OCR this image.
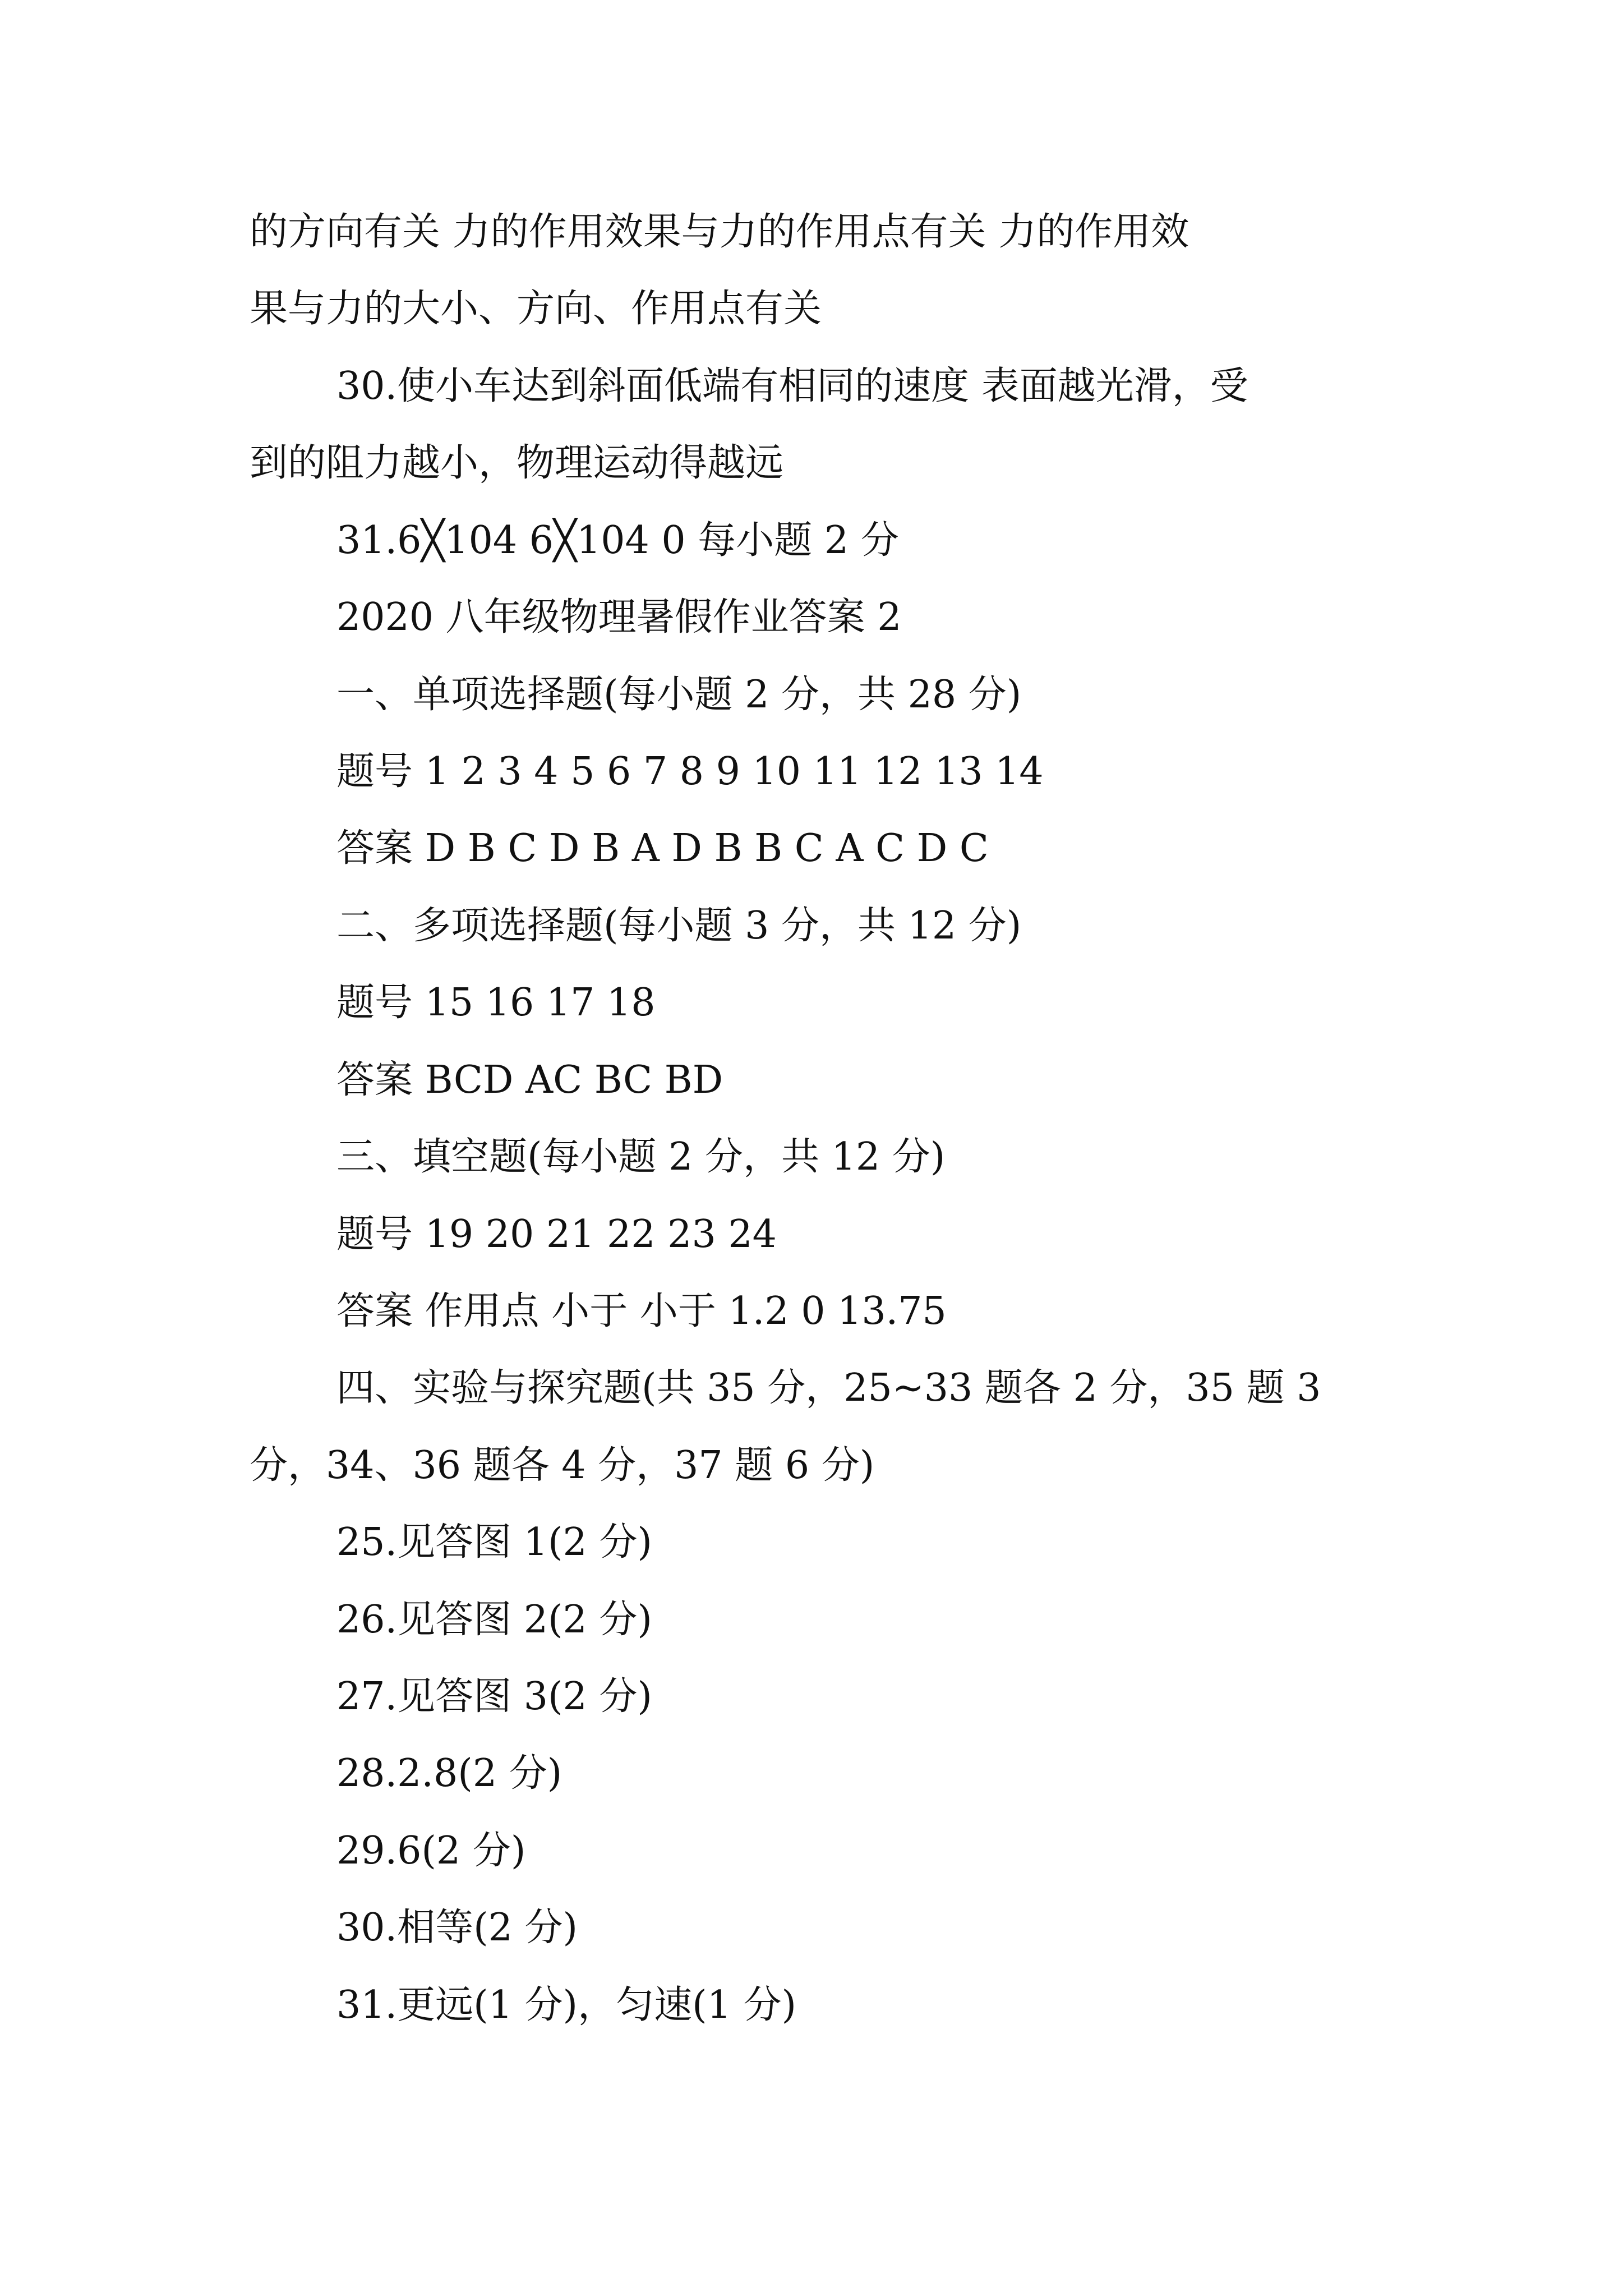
的方向有关 力的作用效果与力的作用点有关 力的作用效
果与力的大小、方向、作用点有关
30.使小车达到斜面低端有相同的速度 表面越光滑，受
到的阻力越小，物理运动得越远
31.6╳104 6╳104 0 每小题 2 分
2020 八年级物理暑假作业答案 2
一、单项选择题(每小题 2 分，共 28 分)
题号 1 2 3 4 5 6 7 8 9 10 11 12 13 14
答案 D B C D B A D B B C A C D C
二、多项选择题(每小题 3 分，共 12 分)
题号 15 16 17 18
答案 BCD AC BC BD
三、填空题(每小题 2 分，共 12 分)
题号 19 20 21 22 23 24
答案 作用点 小于 小于 1.2 0 13.75
四、实验与探究题(共 35 分，25~33 题各 2 分，35 题 3
分，34、36 题各 4 分，37 题 6 分)
25.见答图 1(2 分)
26.见答图 2(2 分)
27.见答图 3(2 分)
28.2.8(2 分)
29.6(2 分)
30.相等(2 分)
31.更远(1 分)，匀速(1 分)
